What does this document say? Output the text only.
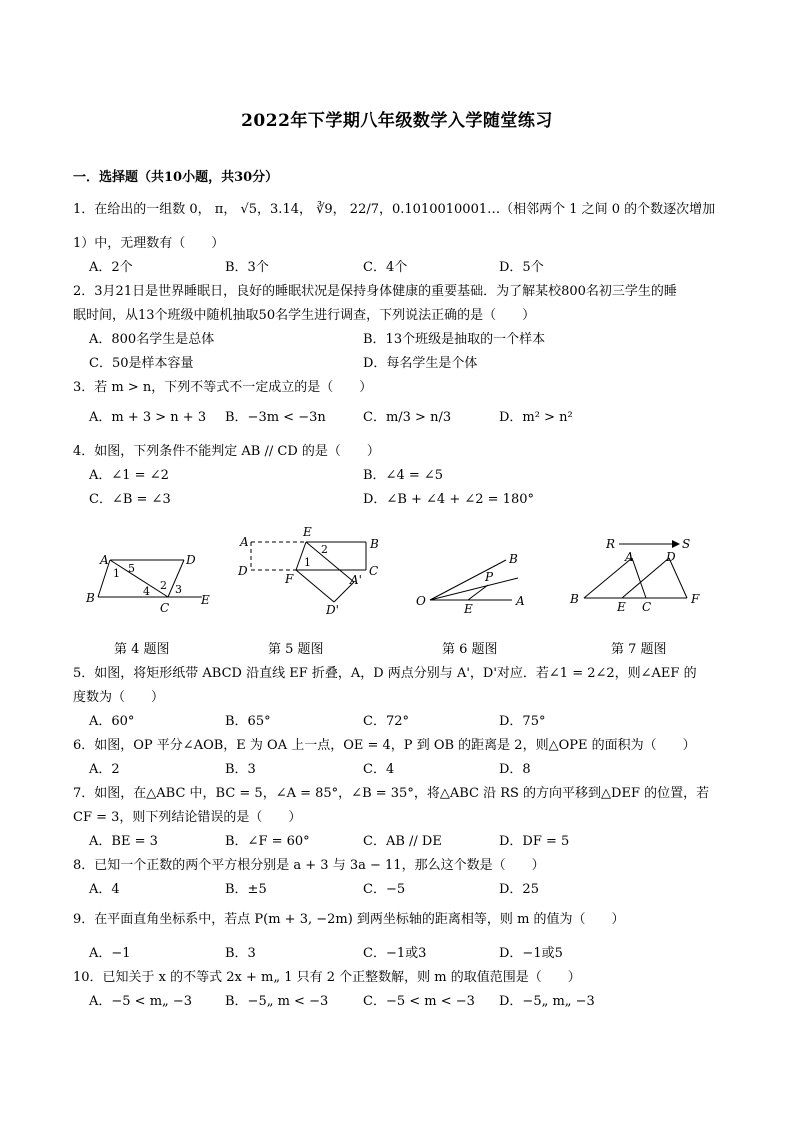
2022年下学期八年级数学入学随堂练习
一．选择题（共10小题，共30分）
1．在给出的一组数 0， π， √5，3.14， ∛9， 22/7，0.1010010001…（相邻两个 1 之间 0 的个数逐次增加
1）中，无理数有（　　）
A．2个	B．3个	C．4个	D．5个
2．3月21日是世界睡眠日，良好的睡眠状况是保持身体健康的重要基础．为了解某校800名初三学生的睡
眠时间，从13个班级中随机抽取50名学生进行调查，下列说法正确的是（　　）
A．800名学生是总体	B．13个班级是抽取的一个样本
C．50是样本容量	D．每名学生是个体
3．若 m > n，下列不等式不一定成立的是（　　）
A．m + 3 > n + 3 B．−3m < −3n	C．m/3 > n/3	D．m² > n²
4．如图，下列条件不能判定 AB // CD 的是（　　）
A．∠1 = ∠2	B．∠4 = ∠5
C．∠B = ∠3	D．∠B + ∠4 + ∠2 = 180°
A	D
B
C
E
1 5
4 2 3
E
A	B
D	C
F	A'
D'
1
2
B
P
O
E
A
R	S
A	D
B
E C
F
第 4 题图	第 5 题图	第 6 题图	第 7 题图
5．如图，将矩形纸带 ABCD 沿直线 EF 折叠，A，D 两点分别与 A'，D'对应．若∠1 = 2∠2，则∠AEF 的
度数为（　　）
A．60°	B．65°	C．72°	D．75°
6．如图，OP 平分∠AOB，E 为 OA 上一点，OE = 4，P 到 OB 的距离是 2，则△OPE 的面积为（　　）
A．2	B．3	C．4	D．8
7．如图，在△ABC 中，BC = 5，∠A = 85°，∠B = 35°，将△ABC 沿 RS 的方向平移到△DEF 的位置，若
CF = 3，则下列结论错误的是（　　）
A．BE = 3	B．∠F = 60°	C．AB // DE	D．DF = 5
8．已知一个正数的两个平方根分别是 a + 3 与 3a − 11，那么这个数是（　　）
A．4	B．±5	C．−5	D．25
9．在平面直角坐标系中，若点 P(m + 3, −2m) 到两坐标轴的距离相等，则 m 的值为（　　）
A．−1	B．3	C．−1或3	D．−1或5
10．已知关于 x 的不等式 2x + m„ 1 只有 2 个正整数解，则 m 的取值范围是（　　）
A．−5 < m„ −3	B．−5„ m < −3	C．−5 < m < −3 D．−5„ m„ −3
